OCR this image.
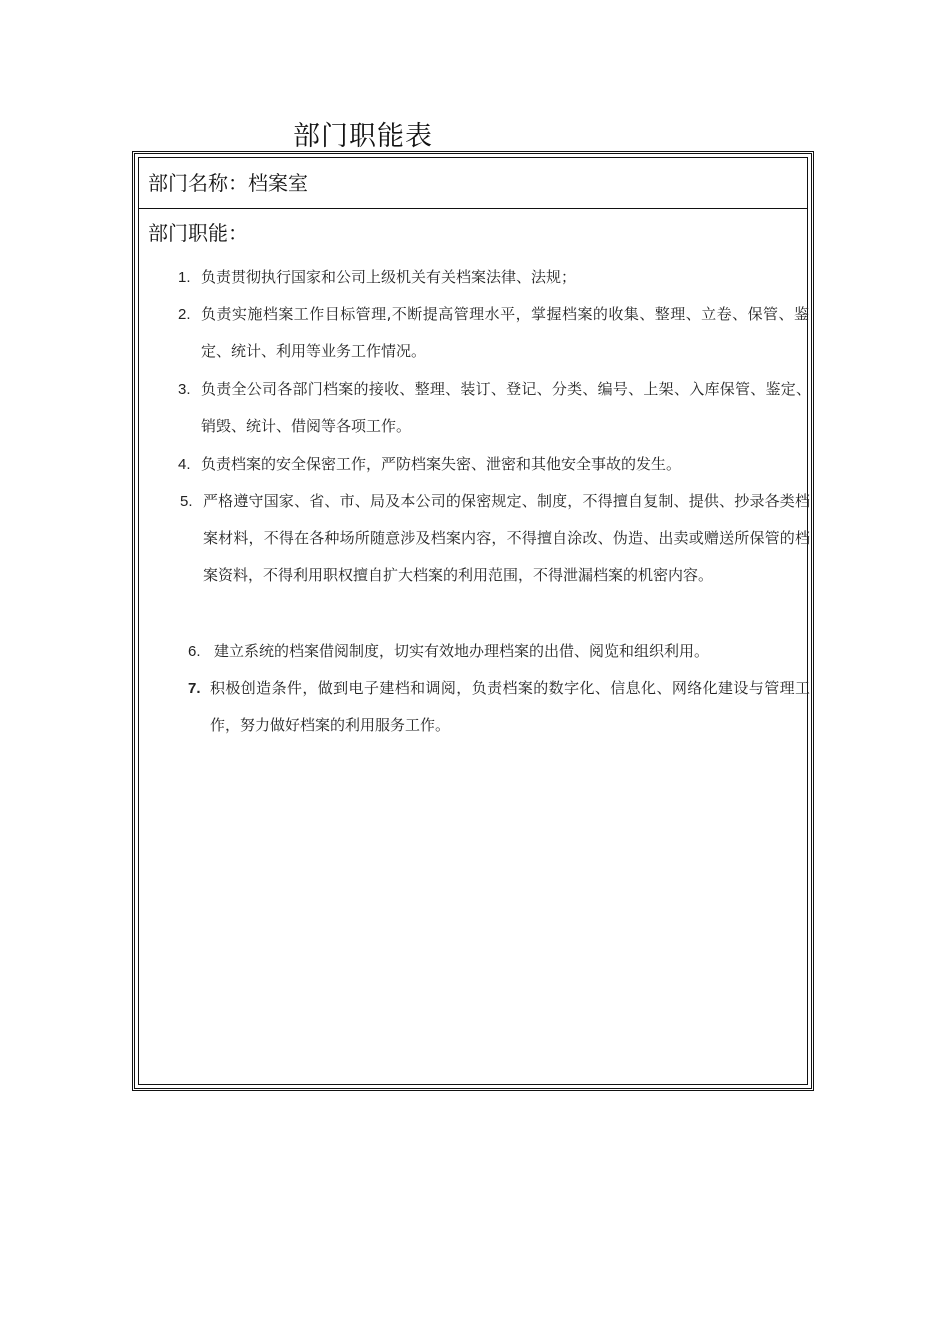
部门职能表
部门名称：档案室
部门职能：
1. 负责贯彻执行国家和公司上级机关有关档案法律、法规；
2. 负责实施档案工作目标管理,不断提高管理水平，掌握档案的收集、整理、立卷、保管、鉴定、统计、利用等业务工作情况。
3. 负责全公司各部门档案的接收、整理、装订、登记、分类、编号、上架、入库保管、鉴定、销毁、统计、借阅等各项工作。
4. 负责档案的安全保密工作，严防档案失密、泄密和其他安全事故的发生。
5. 严格遵守国家、省、市、局及本公司的保密规定、制度，不得擅自复制、提供、抄录各类档案材料，不得在各种场所随意涉及档案内容，不得擅自涂改、伪造、出卖或赠送所保管的档案资料，不得利用职权擅自扩大档案的利用范围，不得泄漏档案的机密内容。
6. 建立系统的档案借阅制度，切实有效地办理档案的出借、阅览和组织利用。
7. 积极创造条件，做到电子建档和调阅，负责档案的数字化、信息化、网络化建设与管理工作，努力做好档案的利用服务工作。
